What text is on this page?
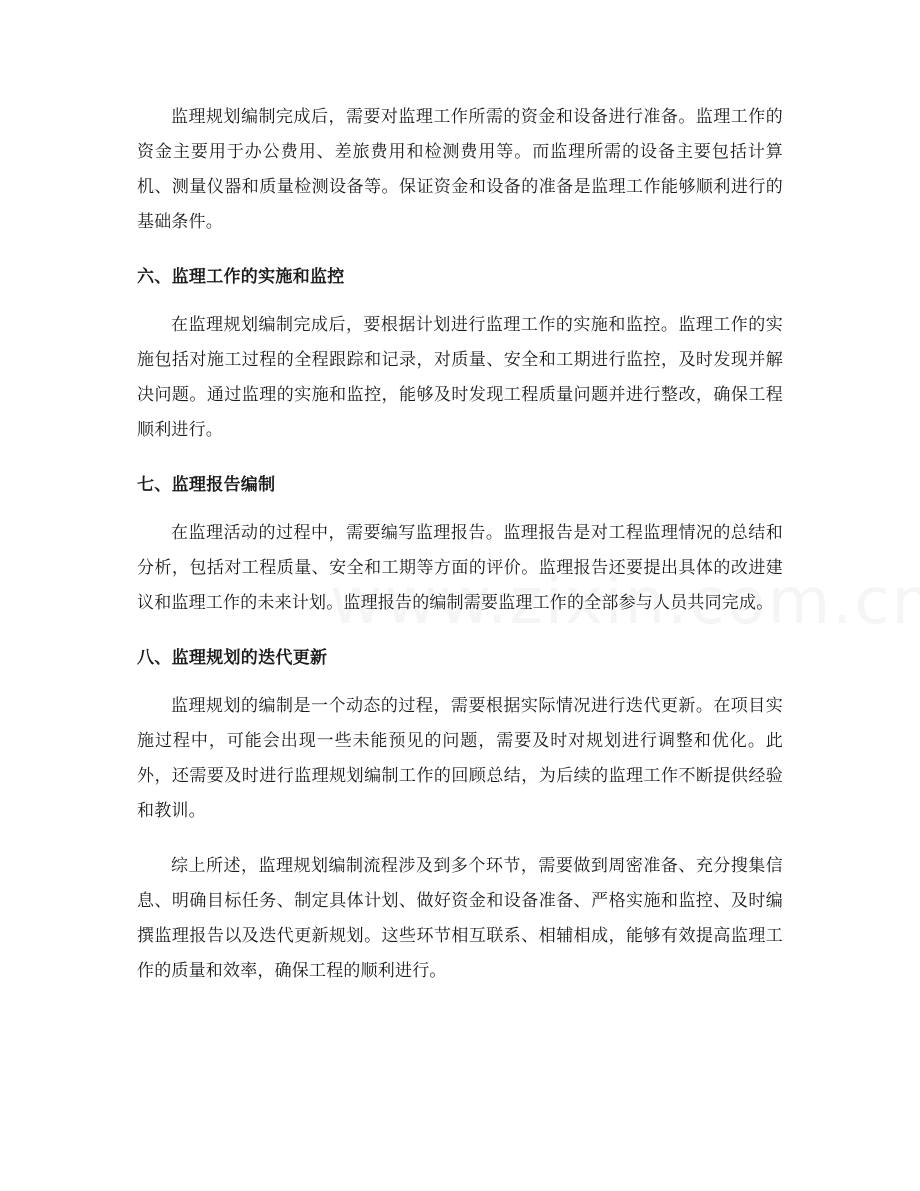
监理规划编制完成后，需要对监理工作所需的资金和设备进行准备。监理工作的资金主要用于办公费用、差旅费用和检测费用等。而监理所需的设备主要包括计算机、测量仪器和质量检测设备等。保证资金和设备的准备是监理工作能够顺利进行的基础条件。

六、监理工作的实施和监控

在监理规划编制完成后，要根据计划进行监理工作的实施和监控。监理工作的实施包括对施工过程的全程跟踪和记录，对质量、安全和工期进行监控，及时发现并解决问题。通过监理的实施和监控，能够及时发现工程质量问题并进行整改，确保工程顺利进行。

七、监理报告编制

在监理活动的过程中，需要编写监理报告。监理报告是对工程监理情况的总结和分析，包括对工程质量、安全和工期等方面的评价。监理报告还要提出具体的改进建议和监理工作的未来计划。监理报告的编制需要监理工作的全部参与人员共同完成。

八、监理规划的迭代更新

监理规划的编制是一个动态的过程，需要根据实际情况进行迭代更新。在项目实施过程中，可能会出现一些未能预见的问题，需要及时对规划进行调整和优化。此外，还需要及时进行监理规划编制工作的回顾总结，为后续的监理工作不断提供经验和教训。

综上所述，监理规划编制流程涉及到多个环节，需要做到周密准备、充分搜集信息、明确目标任务、制定具体计划、做好资金和设备准备、严格实施和监控、及时编撰监理报告以及迭代更新规划。这些环节相互联系、相辅相成，能够有效提高监理工作的质量和效率，确保工程的顺利进行。
